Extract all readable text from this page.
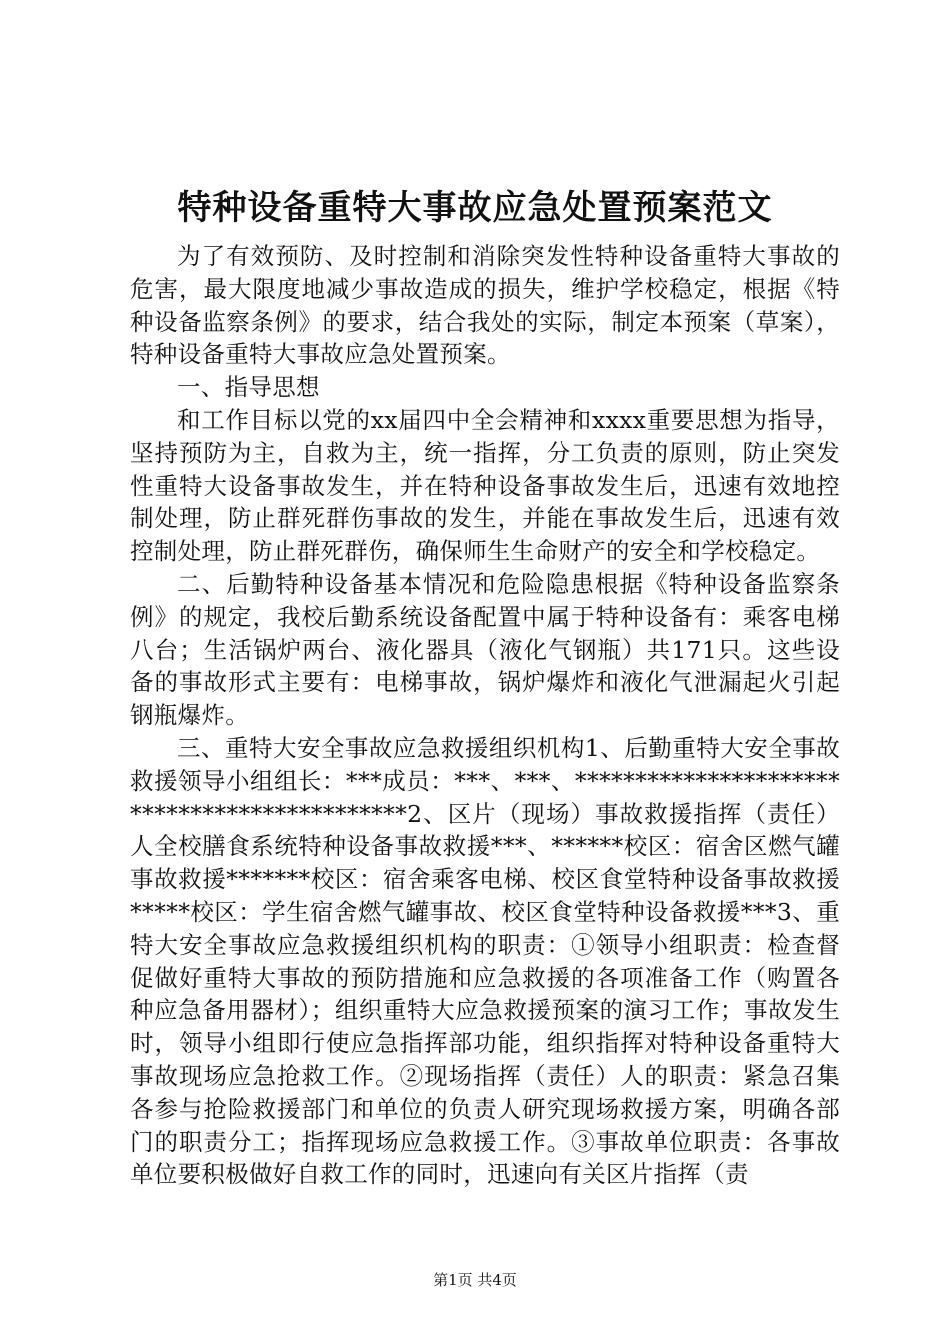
特种设备重特大事故应急处置预案范文

为了有效预防、及时控制和消除突发性特种设备重特大事故的危害，最大限度地减少事故造成的损失，维护学校稳定，根据《特种设备监察条例》的要求，结合我处的实际，制定本预案（草案），特种设备重特大事故应急处置预案。

一、指导思想

和工作目标以党的xx届四中全会精神和xxxx重要思想为指导，坚持预防为主，自救为主，统一指挥，分工负责的原则，防止突发性重特大设备事故发生，并在特种设备事故发生后，迅速有效地控制处理，防止群死群伤事故的发生，并能在事故发生后，迅速有效控制处理，防止群死群伤，确保师生生命财产的安全和学校稳定。

二、后勤特种设备基本情况和危险隐患根据《特种设备监察条例》的规定，我校后勤系统设备配置中属于特种设备有：乘客电梯八台；生活锅炉两台、液化器具（液化气钢瓶）共171只。这些设备的事故形式主要有：电梯事故，锅炉爆炸和液化气泄漏起火引起钢瓶爆炸。

三、重特大安全事故应急救援组织机构1、后勤重特大安全事故救援领导小组组长：***成员：***、***、*********************************************2、区片（现场）事故救援指挥（责任）人全校膳食系统特种设备事故救援***、******校区：宿舍区燃气罐事故救援*******校区：宿舍乘客电梯、校区食堂特种设备事故救援*****校区：学生宿舍燃气罐事故、校区食堂特种设备救援***3、重特大安全事故应急救援组织机构的职责：①领导小组职责：检查督促做好重特大事故的预防措施和应急救援的各项准备工作（购置各种应急备用器材）；组织重特大应急救援预案的演习工作；事故发生时，领导小组即行使应急指挥部功能，组织指挥对特种设备重特大事故现场应急抢救工作。②现场指挥（责任）人的职责：紧急召集各参与抢险救援部门和单位的负责人研究现场救援方案，明确各部门的职责分工；指挥现场应急救援工作。③事故单位职责：各事故单位要积极做好自救工作的同时，迅速向有关区片指挥（责

第1页 共4页
